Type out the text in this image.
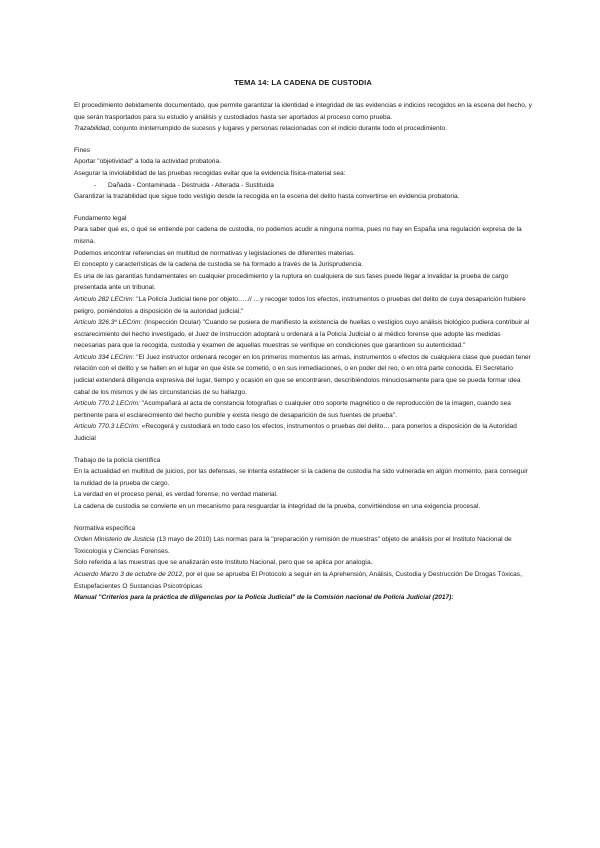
TEMA 14: LA CADENA DE CUSTODIA

El procedimiento debidamente documentado, que permite garantizar la identidad e integridad de las evidencias e indicios recogidos en la escena del hecho, y que serán trasportados para su estudio y análisis y custodiados hasta ser aportados al proceso como prueba.

Trazabilidad, conjunto ininterrumpido de sucesos y lugares y personas relacionadas con el indicio durante todo el procedimiento.

Fines

Aportar "objetividad" a toda la actividad probatoria.

Asegurar la inviolabilidad de las pruebas recogidas evitar que la evidencia física-material sea:

- Dañada - Contaminada - Destruida - Alterada - Sustituida

Garantizar la trazabilidad que sigue todo vestigio desde la recogida en la escena del delito hasta convertirse en evidencia probatoria.

Fundamento legal

Para saber qué es, o qué se entiende por cadena de custodia, no podemos acudir a ninguna norma, pues no hay en España una regulación expresa de la misma.

Podemos encontrar referencias en multitud de normativas y legislaciones de diferentes materias.

El concepto y características de la cadena de custodia se ha formado a través de la Jurisprudencia.

Es una de las garantías fundamentales en cualquier procedimiento y la ruptura en cualquiera de sus fases puede llegar a invalidar la prueba de cargo presentada ante un tribunal.

Artículo 282 LECrim: "La Policía Judicial tiene por objeto…..// …y recoger todos los efectos, instrumentos o pruebas del delito de cuya desaparición hubiere peligro, poniéndolos a disposición de la autoridad judicial."

Artículo 326.3º LECrim: (Inspección Ocular) "Cuando se pusiera de manifiesto la existencia de huellas o vestigios cuyo análisis biológico pudiera contribuir al esclarecimiento del hecho investigado, el Juez de Instrucción adoptará u ordenará a la Policía Judicial o al médico forense que adopte las medidas necesarias para que la recogida, custodia y examen de aquellas muestras se verifique en condiciones que garanticen su autenticidad."

Artículo 334 LECrim: "El Juez instructor ordenará recoger en los primeros momentos las armas, instrumentos o efectos de cualquiera clase que puedan tener relación con el delito y se hallen en el lugar en que éste se cometió, o en sus inmediaciones, o en poder del reo, o en otra parte conocida. El Secretario judicial extenderá diligencia expresiva del lugar, tiempo y ocasión en que se encontraren, describiéndolos minuciosamente para que se pueda formar idea cabal de los mismos y de las circunstancias de su hallazgo.

Artículo 770.2 LECrim: "Acompañará al acta de constancia fotografías o cualquier otro soporte magnético o de reproducción de la imagen, cuando sea pertinente para el esclarecimiento del hecho punible y exista riesgo de desaparición de sus fuentes de prueba".

Artículo 770.3 LECrim: «Recogerá y custodiará en todo caso los efectos, instrumentos o pruebas del delito… para ponerlos a disposición de la Autoridad Judicial

Trabajo de la policía científica

En la actualidad en multitud de juicios, por las defensas, se intenta establecer si la cadena de custodia ha sido vulnerada en algún momento, para conseguir la nulidad de la prueba de cargo.

La verdad en el proceso penal, es verdad forense, no verdad material.

La cadena de custodia se convierte en un mecanismo para resguardar la integridad de la prueba, convirtiéndose en una exigencia procesal.

Normativa específica

Orden Ministerio de Justicia (13 mayo de 2010) Las normas para la "preparación y remisión de muestras" objeto de análisis por el Instituto Nacional de Toxicología y Ciencias Forenses.

Solo referida a las muestras que se analizarán este Instituto Nacional, pero que se aplica por analogía.

Acuerdo Marzo 3 de octubre de 2012, por el que se aprueba El Protocolo a seguir en la Aprehensión, Análisis, Custodia y Destrucción De Drogas Tóxicas, Estupefacientes O Sustancias Psicotrópicas

Manual "Criterios para la práctica de diligencias por la Policía Judicial" de la Comisión nacional de Policía Judicial (2017):
